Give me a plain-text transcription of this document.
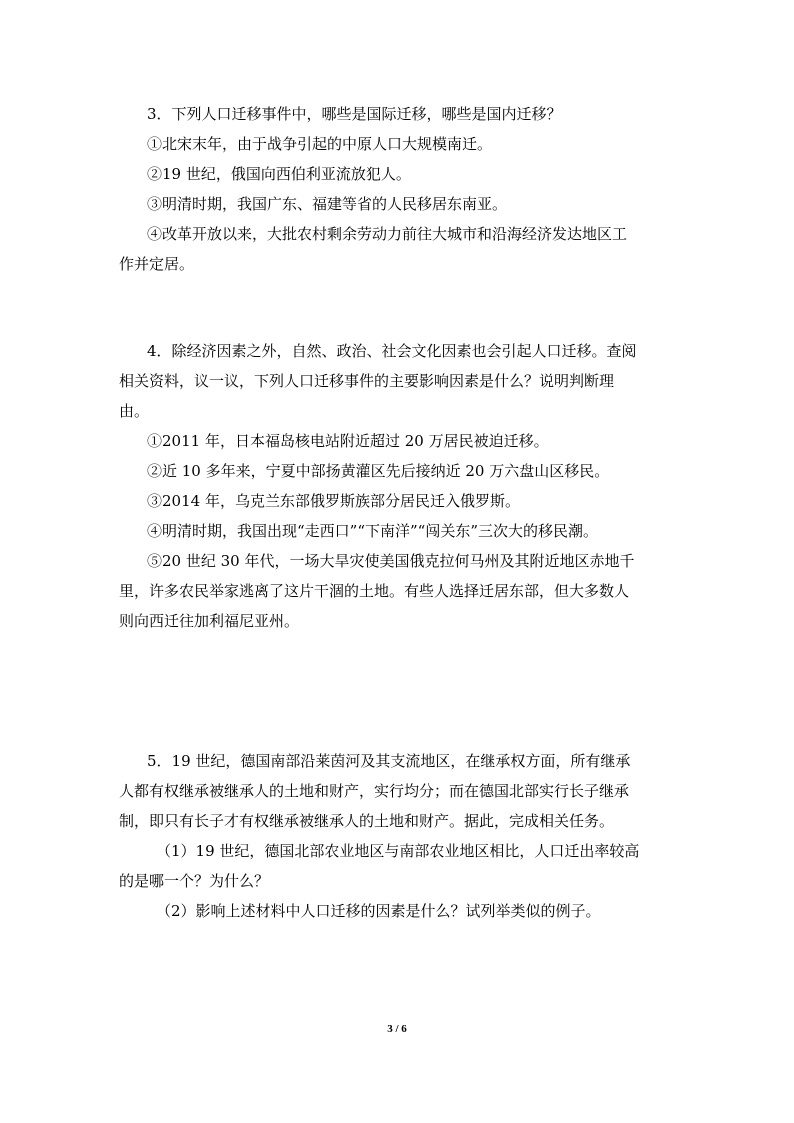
3．下列人口迁移事件中，哪些是国际迁移，哪些是国内迁移？
①北宋末年，由于战争引起的中原人口大规模南迁。
②19 世纪，俄国向西伯利亚流放犯人。
③明清时期，我国广东、福建等省的人民移居东南亚。
④改革开放以来，大批农村剩余劳动力前往大城市和沿海经济发达地区工
作并定居。
4．除经济因素之外，自然、政治、社会文化因素也会引起人口迁移。查阅
相关资料，议一议，下列人口迁移事件的主要影响因素是什么？说明判断理
由。
①2011 年，日本福岛核电站附近超过 20 万居民被迫迁移。
②近 10 多年来，宁夏中部扬黄灌区先后接纳近 20 万六盘山区移民。
③2014 年，乌克兰东部俄罗斯族部分居民迁入俄罗斯。
④明清时期，我国出现“走西口”“下南洋”“闯关东”三次大的移民潮。
⑤20 世纪 30 年代，一场大旱灾使美国俄克拉何马州及其附近地区赤地千
里，许多农民举家逃离了这片干涸的土地。有些人选择迁居东部，但大多数人
则向西迁往加利福尼亚州。
5．19 世纪，德国南部沿莱茵河及其支流地区，在继承权方面，所有继承
人都有权继承被继承人的土地和财产，实行均分；而在德国北部实行长子继承
制，即只有长子才有权继承被继承人的土地和财产。据此，完成相关任务。
（1）19 世纪，德国北部农业地区与南部农业地区相比，人口迁出率较高
的是哪一个？为什么？
（2）影响上述材料中人口迁移的因素是什么？试列举类似的例子。
3 / 6
